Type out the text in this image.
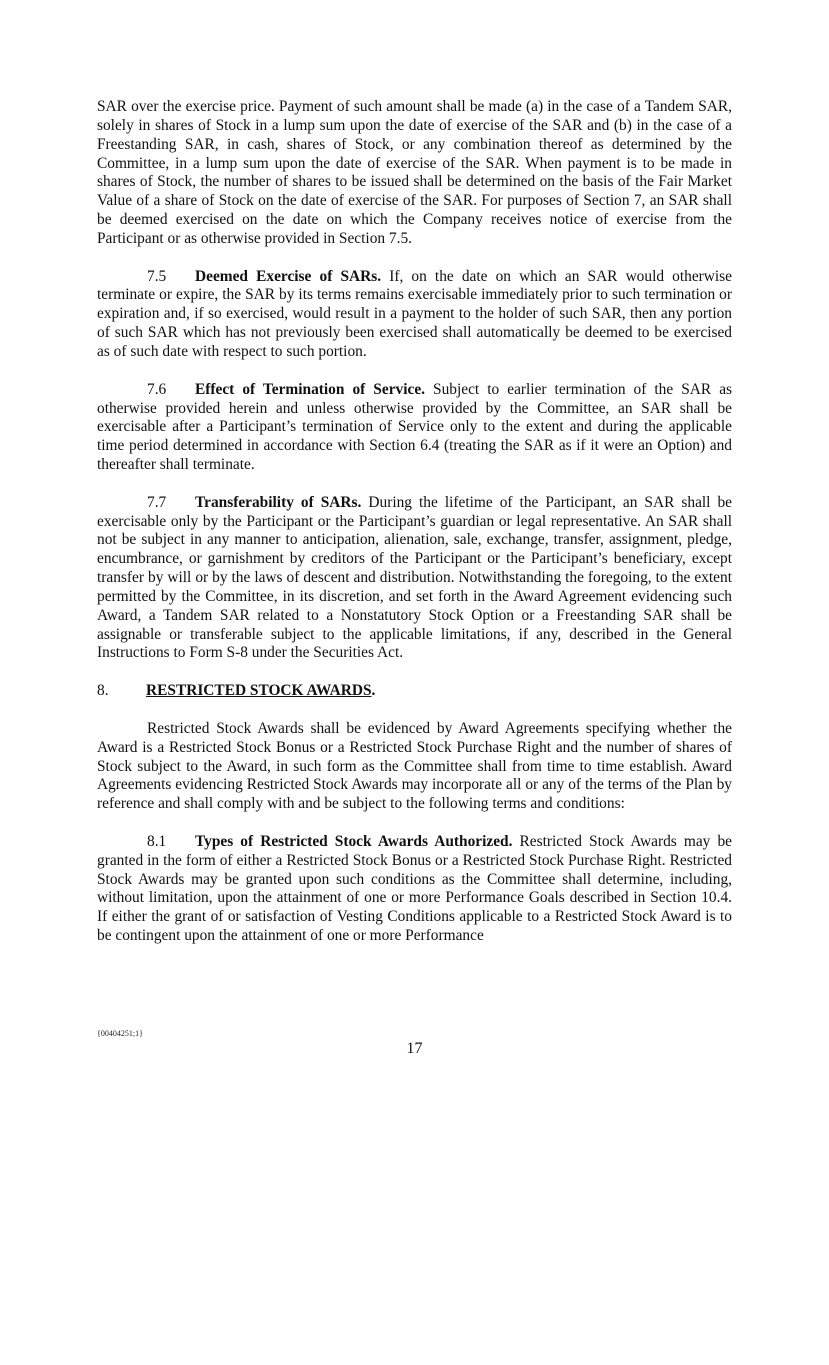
SAR over the exercise price. Payment of such amount shall be made (a) in the case of a Tandem SAR, solely in shares of Stock in a lump sum upon the date of exercise of the SAR and (b) in the case of a Freestanding SAR, in cash, shares of Stock, or any combination thereof as determined by the Committee, in a lump sum upon the date of exercise of the SAR. When payment is to be made in shares of Stock, the number of shares to be issued shall be determined on the basis of the Fair Market Value of a share of Stock on the date of exercise of the SAR. For purposes of Section 7, an SAR shall be deemed exercised on the date on which the Company receives notice of exercise from the Participant or as otherwise provided in Section 7.5.

7.5 Deemed Exercise of SARs. If, on the date on which an SAR would otherwise terminate or expire, the SAR by its terms remains exercisable immediately prior to such termination or expiration and, if so exercised, would result in a payment to the holder of such SAR, then any portion of such SAR which has not previously been exercised shall automatically be deemed to be exercised as of such date with respect to such portion.

7.6 Effect of Termination of Service. Subject to earlier termination of the SAR as otherwise provided herein and unless otherwise provided by the Committee, an SAR shall be exercisable after a Participant’s termination of Service only to the extent and during the applicable time period determined in accordance with Section 6.4 (treating the SAR as if it were an Option) and thereafter shall terminate.

7.7 Transferability of SARs. During the lifetime of the Participant, an SAR shall be exercisable only by the Participant or the Participant’s guardian or legal representative. An SAR shall not be subject in any manner to anticipation, alienation, sale, exchange, transfer, assignment, pledge, encumbrance, or garnishment by creditors of the Participant or the Participant’s beneficiary, except transfer by will or by the laws of descent and distribution. Notwithstanding the foregoing, to the extent permitted by the Committee, in its discretion, and set forth in the Award Agreement evidencing such Award, a Tandem SAR related to a Nonstatutory Stock Option or a Freestanding SAR shall be assignable or transferable subject to the applicable limitations, if any, described in the General Instructions to Form S-8 under the Securities Act.

8. RESTRICTED STOCK AWARDS.

Restricted Stock Awards shall be evidenced by Award Agreements specifying whether the Award is a Restricted Stock Bonus or a Restricted Stock Purchase Right and the number of shares of Stock subject to the Award, in such form as the Committee shall from time to time establish. Award Agreements evidencing Restricted Stock Awards may incorporate all or any of the terms of the Plan by reference and shall comply with and be subject to the following terms and conditions:

8.1 Types of Restricted Stock Awards Authorized. Restricted Stock Awards may be granted in the form of either a Restricted Stock Bonus or a Restricted Stock Purchase Right. Restricted Stock Awards may be granted upon such conditions as the Committee shall determine, including, without limitation, upon the attainment of one or more Performance Goals described in Section 10.4. If either the grant of or satisfaction of Vesting Conditions applicable to a Restricted Stock Award is to be contingent upon the attainment of one or more Performance

{00404251;1}
17
